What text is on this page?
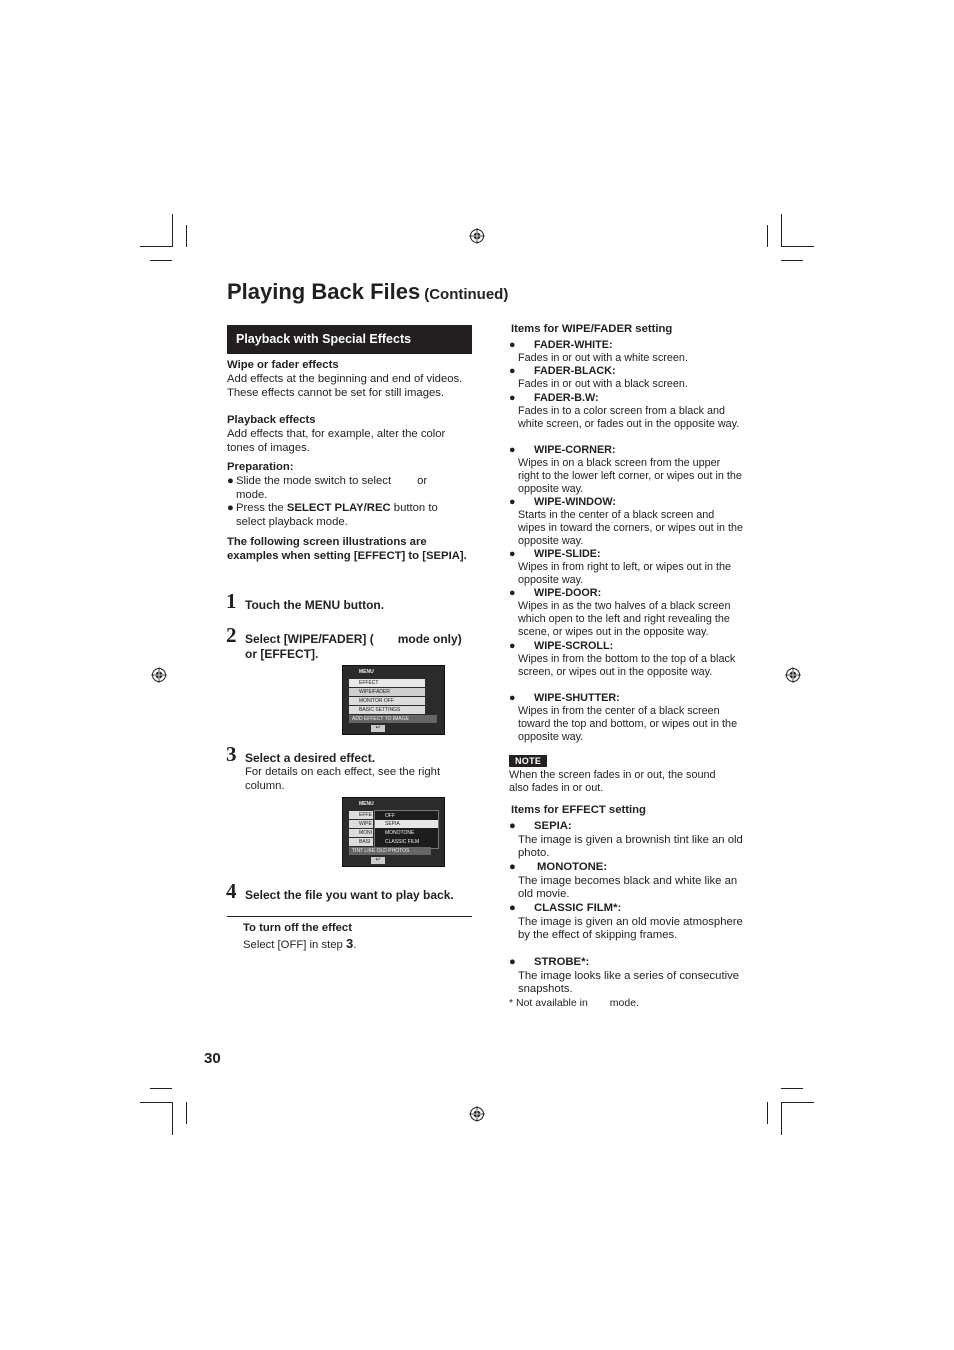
Playing Back Files (Continued)
Playback with Special Effects
Wipe or fader effects
Add effects at the beginning and end of videos. These effects cannot be set for still images.
Playback effects
Add effects that, for example, alter the color tones of images.
Preparation:
● Slide the mode switch to select or
mode.
● Press the SELECT PLAY/REC button to select playback mode.
The following screen illustrations are examples when setting [EFFECT] to [SEPIA].
1 Touch the MENU button.
2 Select [WIPE/FADER] ( mode only)
or [EFFECT].
MENU
EFFECT
WIPE/FADER
MONITOR OFF
BASIC SETTINGS
ADD EFFECT TO IMAGE
↩
3 Select a desired effect.
For details on each effect, see the right column.
MENU
EFFE
WIPE
MONI
BASI
OFF
SEPIA
MONOTONE
CLASSIC FILM
TINT LIKE OLD PHOTOS
↩
4 Select the file you want to play back.
To turn off the effect
Select [OFF] in step 3.
Items for WIPE/FADER setting
● FADER-WHITE:
Fades in or out with a white screen.
● FADER-BLACK:
Fades in or out with a black screen.
● FADER-B.W:
Fades in to a color screen from a black and white screen, or fades out in the opposite way.
● WIPE-CORNER:
Wipes in on a black screen from the upper right to the lower left corner, or wipes out in the opposite way.
● WIPE-WINDOW:
Starts in the center of a black screen and wipes in toward the corners, or wipes out in the opposite way.
● WIPE-SLIDE:
Wipes in from right to left, or wipes out in the opposite way.
● WIPE-DOOR:
Wipes in as the two halves of a black screen which open to the left and right revealing the scene, or wipes out in the opposite way.
● WIPE-SCROLL:
Wipes in from the bottom to the top of a black screen, or wipes out in the opposite way.
● WIPE-SHUTTER:
Wipes in from the center of a black screen toward the top and bottom, or wipes out in the opposite way.
NOTE
When the screen fades in or out, the sound also fades in or out.
Items for EFFECT setting
● SEPIA:
The image is given a brownish tint like an old photo.
● MONOTONE:
The image becomes black and white like an old movie.
● CLASSIC FILM*:
The image is given an old movie atmosphere by the effect of skipping frames.
● STROBE*:
The image looks like a series of consecutive snapshots.
* Not available in mode.
30
